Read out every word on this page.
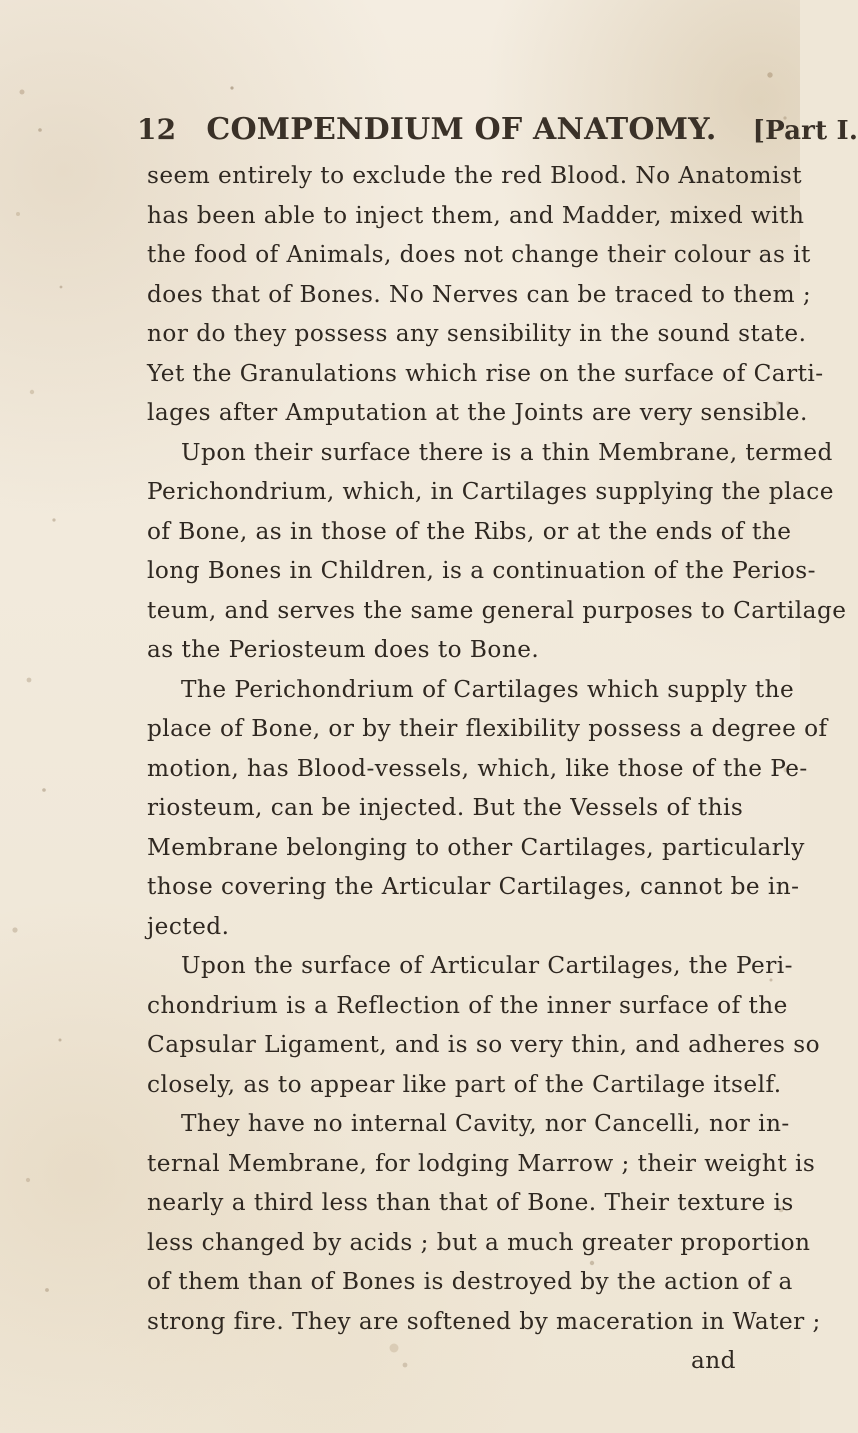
12 COMPENDIUM OF ANATOMY. [Part I.

seem entirely to exclude the red Blood. No Anatomist

has been able to inject them, and Madder, mixed with

the food of Animals, does not change their colour as it

does that of Bones. No Nerves can be traced to them ;

nor do they possess any sensibility in the sound state.

Yet the Granulations which rise on the surface of Carti-

lages after Amputation at the Joints are very sensible.

Upon their surface there is a thin Membrane, termed

Perichondrium, which, in Cartilages supplying the place

of Bone, as in those of the Ribs, or at the ends of the

long Bones in Children, is a continuation of the Perios-

teum, and serves the same general purposes to Cartilage

as the Periosteum does to Bone.

The Perichondrium of Cartilages which supply the

place of Bone, or by their flexibility possess a degree of

motion, has Blood-vessels, which, like those of the Pe-

riosteum, can be injected. But the Vessels of this

Membrane belonging to other Cartilages, particularly

those covering the Articular Cartilages, cannot be in-

jected.

Upon the surface of Articular Cartilages, the Peri-

chondrium is a Reflection of the inner surface of the

Capsular Ligament, and is so very thin, and adheres so

closely, as to appear like part of the Cartilage itself.

They have no internal Cavity, nor Cancelli, nor in-

ternal Membrane, for lodging Marrow ; their weight is

nearly a third less than that of Bone. Their texture is

less changed by acids ; but a much greater proportion

of them than of Bones is destroyed by the action of a

strong fire. They are softened by maceration in Water ;

and
